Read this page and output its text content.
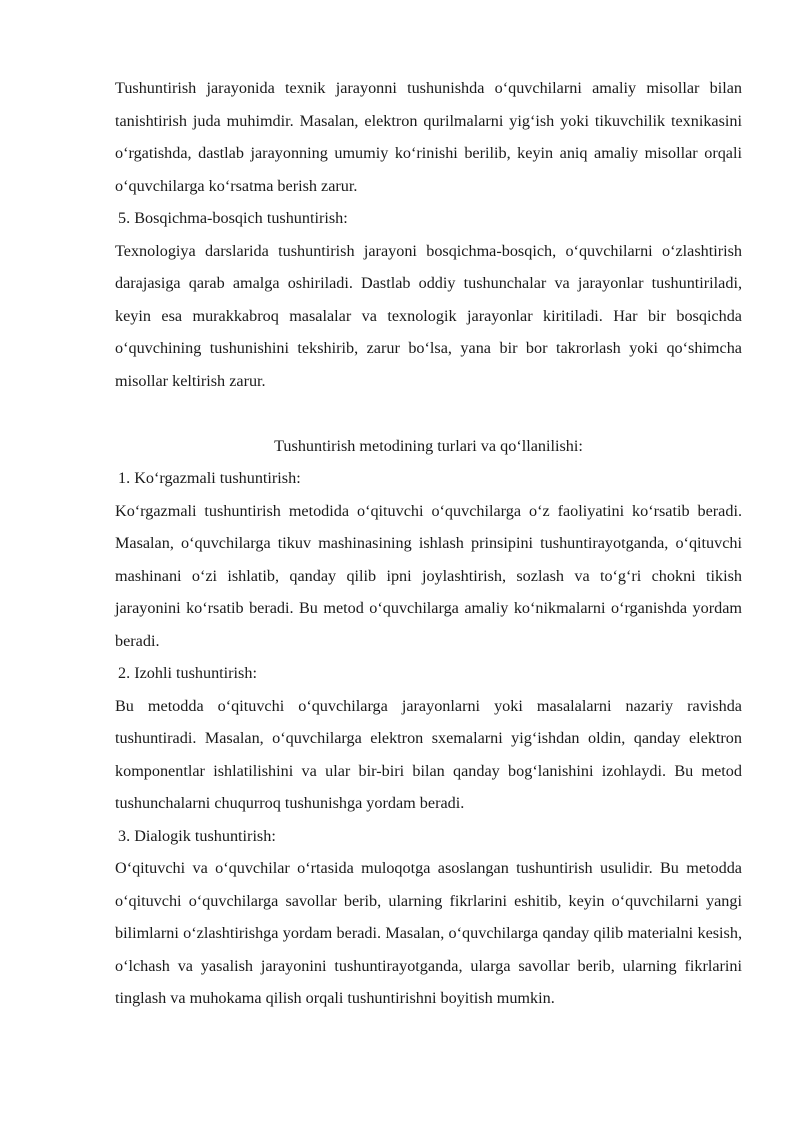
Tushuntirish jarayonida texnik jarayonni tushunishda o‘quvchilarni amaliy misollar bilan tanishtirish juda muhimdir. Masalan, elektron qurilmalarni yig‘ish yoki tikuvchilik texnikasini o‘rgatishda, dastlab jarayonning umumiy ko‘rinishi berilib, keyin aniq amaliy misollar orqali o‘quvchilarga ko‘rsatma berish zarur.

5. Bosqichma-bosqich tushuntirish:

Texnologiya darslarida tushuntirish jarayoni bosqichma-bosqich, o‘quvchilarni o‘zlashtirish darajasiga qarab amalga oshiriladi. Dastlab oddiy tushunchalar va jarayonlar tushuntiriladi, keyin esa murakkabroq masalalar va texnologik jarayonlar kiritiladi. Har bir bosqichda o‘quvchining tushunishini tekshirib, zarur bo‘lsa, yana bir bor takrorlash yoki qo‘shimcha misollar keltirish zarur.

Tushuntirish metodining turlari va qo‘llanilishi:

1. Ko‘rgazmali tushuntirish:

Ko‘rgazmali tushuntirish metodida o‘qituvchi o‘quvchilarga o‘z faoliyatini ko‘rsatib beradi. Masalan, o‘quvchilarga tikuv mashinasining ishlash prinsipini tushuntirayotganda, o‘qituvchi mashinani o‘zi ishlatib, qanday qilib ipni joylashtirish, sozlash va to‘g‘ri chokni tikish jarayonini ko‘rsatib beradi. Bu metod o‘quvchilarga amaliy ko‘nikmalarni o‘rganishda yordam beradi.

2. Izohli tushuntirish:

Bu metodda o‘qituvchi o‘quvchilarga jarayonlarni yoki masalalarni nazariy ravishda tushuntiradi. Masalan, o‘quvchilarga elektron sxemalarni yig‘ishdan oldin, qanday elektron komponentlar ishlatilishini va ular bir-biri bilan qanday bog‘lanishini izohlaydi. Bu metod tushunchalarni chuqurroq tushunishga yordam beradi.

3. Dialogik tushuntirish:

O‘qituvchi va o‘quvchilar o‘rtasida muloqotga asoslangan tushuntirish usulidir. Bu metodda o‘qituvchi o‘quvchilarga savollar berib, ularning fikrlarini eshitib, keyin o‘quvchilarni yangi bilimlarni o‘zlashtirishga yordam beradi. Masalan, o‘quvchilarga qanday qilib materialni kesish, o‘lchash va yasalish jarayonini tushuntirayotganda, ularga savollar berib, ularning fikrlarini tinglash va muhokama qilish orqali tushuntirishni boyitish mumkin.
